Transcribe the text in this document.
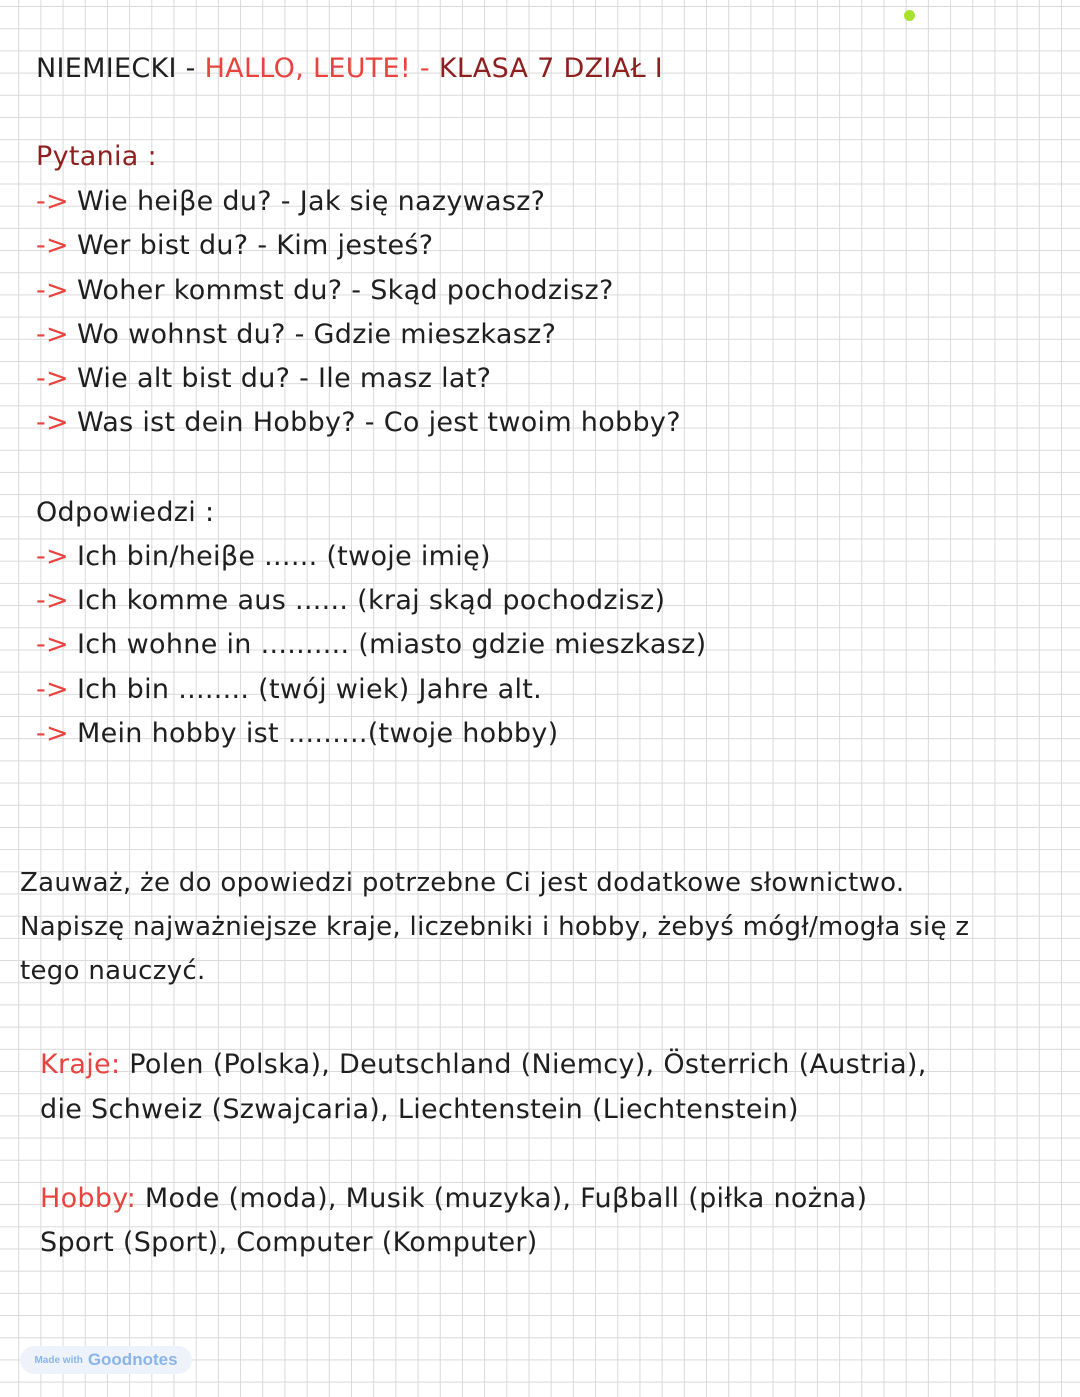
NIEMIECKI - HALLO, LEUTE! - KLASA 7 DZIAŁ I
Pytania :
-> Wie heiβe du? - Jak się nazywasz?
-> Wer bist du? - Kim jesteś?
-> Woher kommst du? - Skąd pochodzisz?
-> Wo wohnst du? - Gdzie mieszkasz?
-> Wie alt bist du? - Ile masz lat?
-> Was ist dein Hobby? - Co jest twoim hobby?
Odpowiedzi :
-> Ich bin/heiβe ...... (twoje imię)
-> Ich komme aus ...... (kraj skąd pochodzisz)
-> Ich wohne in .......... (miasto gdzie mieszkasz)
-> Ich bin ........ (twój wiek) Jahre alt.
-> Mein hobby ist .........(twoje hobby)
Zauważ, że do opowiedzi potrzebne Ci jest dodatkowe słownictwo.
Napiszę najważniejsze kraje, liczebniki i hobby, żebyś mógł/mogła się z
tego nauczyć.
Kraje: Polen (Polska), Deutschland (Niemcy), Österrich (Austria),
die Schweiz (Szwajcaria), Liechtenstein (Liechtenstein)
Hobby: Mode (moda), Musik (muzyka), Fuβball (piłka nożna)
Sport (Sport), Computer (Komputer)
Made with Goodnotes
